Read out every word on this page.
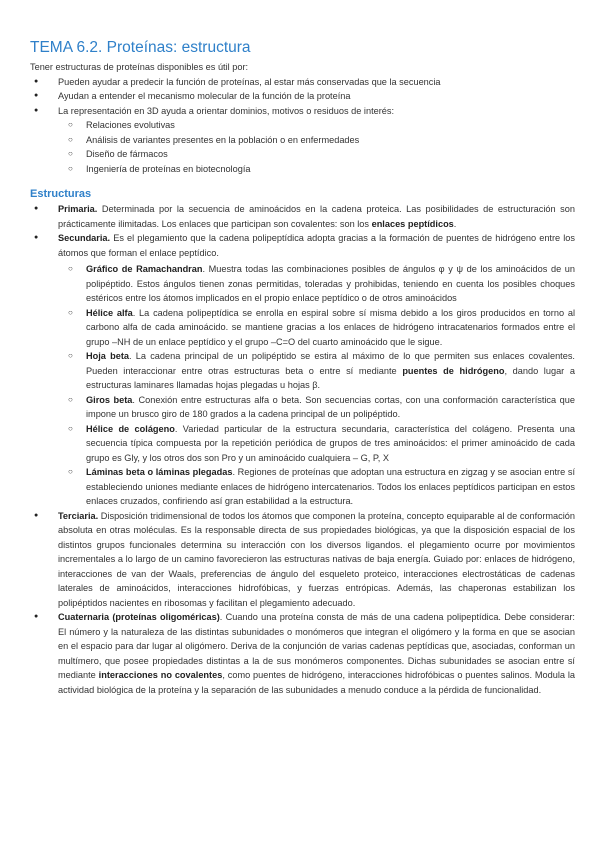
TEMA 6.2. Proteínas: estructura

Tener estructuras de proteínas disponibles es útil por:

● Pueden ayudar a predecir la función de proteínas, al estar más conservadas que la secuencia
● Ayudan a entender el mecanismo molecular de la función de la proteína
● La representación en 3D ayuda a orientar dominios, motivos o residuos de interés:
○ Relaciones evolutivas
○ Análisis de variantes presentes en la población o en enfermedades
○ Diseño de fármacos
○ Ingeniería de proteínas en biotecnología
Estructuras
● Primaria. Determinada por la secuencia de aminoácidos en la cadena proteica. Las posibilidades de estructuración son prácticamente ilimitadas. Los enlaces que participan son covalentes: son los enlaces peptídicos.
● Secundaria. Es el plegamiento que la cadena polipeptídica adopta gracias a la formación de puentes de hidrógeno entre los átomos que forman el enlace peptídico.
○ Gráfico de Ramachandran. Muestra todas las combinaciones posibles de ángulos φ y ψ de los aminoácidos de un polipéptido. Estos ángulos tienen zonas permitidas, toleradas y prohibidas, teniendo en cuenta los posibles choques estéricos entre los átomos implicados en el propio enlace peptídico o de otros aminoácidos
○ Hélice alfa. La cadena polipeptídica se enrolla en espiral sobre sí misma debido a los giros producidos en torno al carbono alfa de cada aminoácido. se mantiene gracias a los enlaces de hidrógeno intracatenarios formados entre el grupo –NH de un enlace peptídico y el grupo –C=O del cuarto aminoácido que le sigue.
○ Hoja beta. La cadena principal de un polipéptido se estira al máximo de lo que permiten sus enlaces covalentes. Pueden interaccionar entre otras estructuras beta o entre sí mediante puentes de hidrógeno, dando lugar a estructuras laminares llamadas hojas plegadas u hojas β.
○ Giros beta. Conexión entre estructuras alfa o beta. Son secuencias cortas, con una conformación característica que impone un brusco giro de 180 grados a la cadena principal de un polipéptido.
○ Hélice de colágeno. Variedad particular de la estructura secundaria, característica del colágeno. Presenta una secuencia típica compuesta por la repetición periódica de grupos de tres aminoácidos: el primer aminoácido de cada grupo es Gly, y los otros dos son Pro y un aminoácido cualquiera – G, P, X
○ Láminas beta o láminas plegadas. Regiones de proteínas que adoptan una estructura en zigzag y se asocian entre sí estableciendo uniones mediante enlaces de hidrógeno intercatenarios. Todos los enlaces peptídicos participan en estos enlaces cruzados, confiriendo así gran estabilidad a la estructura.
● Terciaria. Disposición tridimensional de todos los átomos que componen la proteína, concepto equiparable al de conformación absoluta en otras moléculas. Es la responsable directa de sus propiedades biológicas, ya que la disposición espacial de los distintos grupos funcionales determina su interacción con los diversos ligandos. el plegamiento ocurre por movimientos incrementales a lo largo de un camino favorecieron las estructuras nativas de baja energía. Guiado por: enlaces de hidrógeno, interacciones de van der Waals, preferencias de ángulo del esqueleto proteico, interacciones electrostáticas de cadenas laterales de aminoácidos, interacciones hidrofóbicas, y fuerzas entrópicas. Además, las chaperonas estabilizan los polipéptidos nacientes en ribosomas y facilitan el plegamiento adecuado.
● Cuaternaria (proteínas oligoméricas). Cuando una proteína consta de más de una cadena polipeptídica. Debe considerar: El número y la naturaleza de las distintas subunidades o monómeros que integran el oligómero y la forma en que se asocian en el espacio para dar lugar al oligómero. Deriva de la conjunción de varias cadenas peptídicas que, asociadas, conforman un multímero, que posee propiedades distintas a la de sus monómeros componentes. Dichas subunidades se asocian entre sí mediante interacciones no covalentes, como puentes de hidrógeno, interacciones hidrofóbicas o puentes salinos. Modula la actividad biológica de la proteína y la separación de las subunidades a menudo conduce a la pérdida de funcionalidad.
